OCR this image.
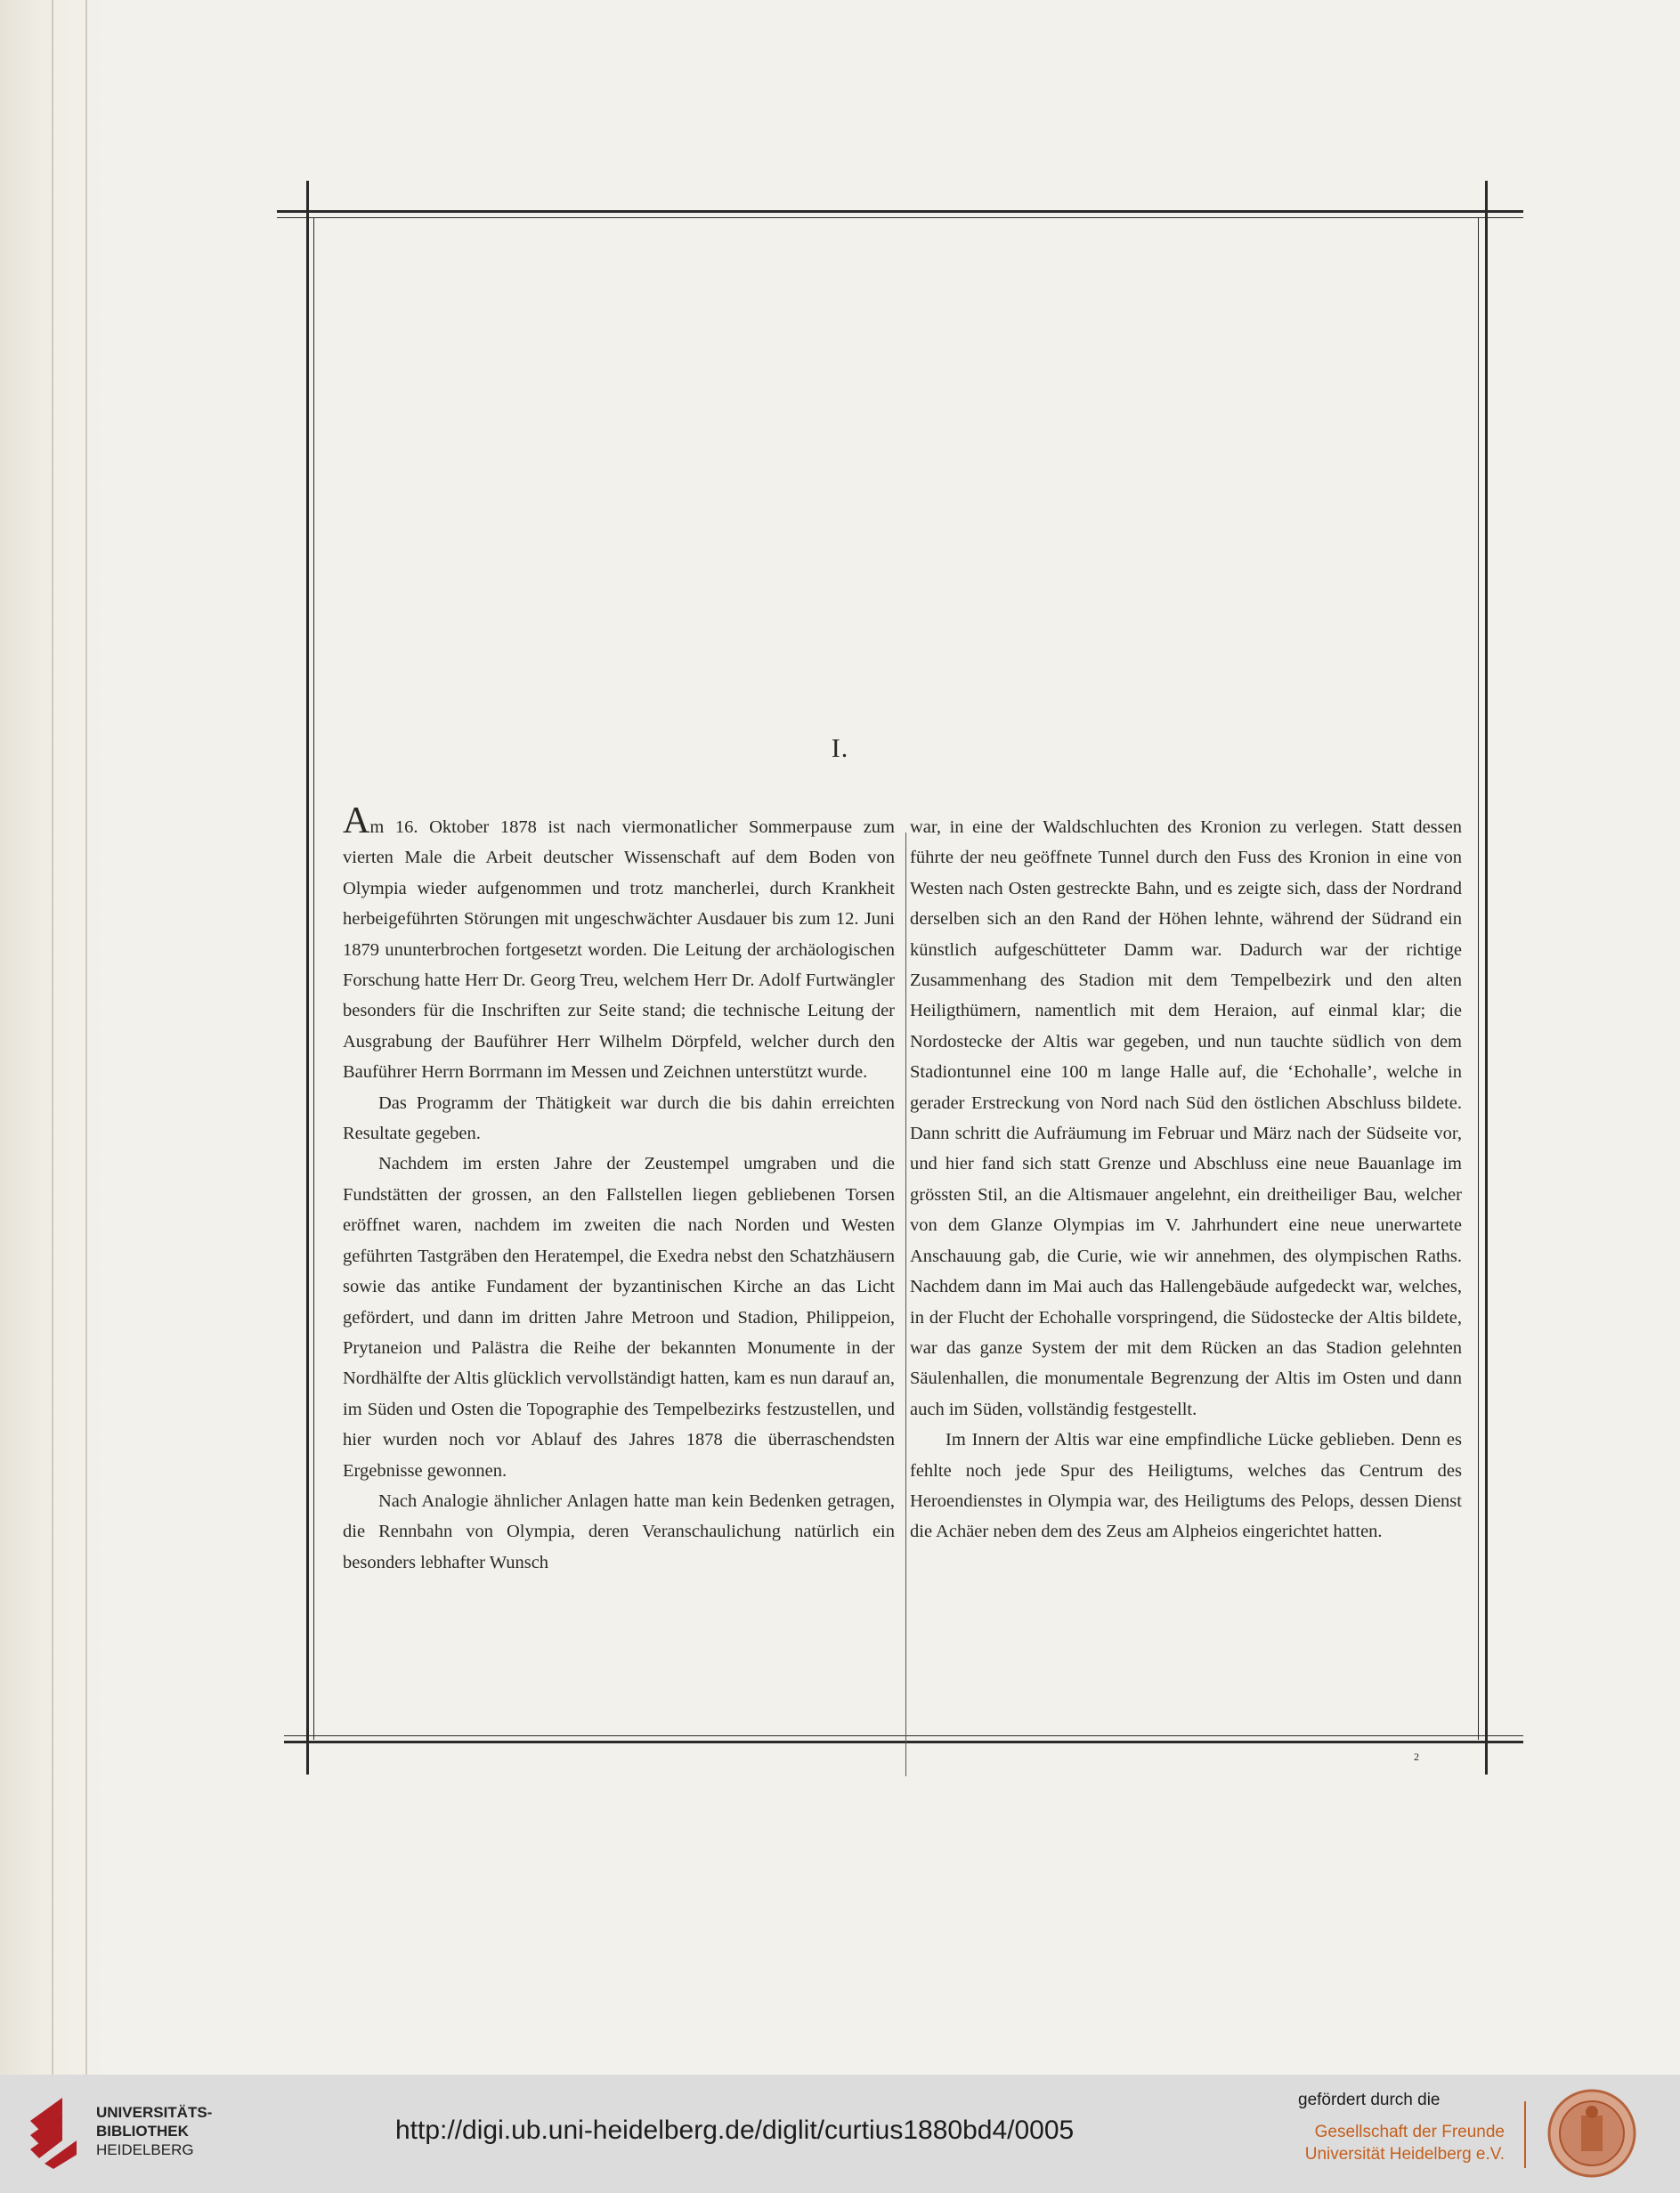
I.

Am 16. Oktober 1878 ist nach viermonatlicher Sommerpause zum vierten Male die Arbeit deutscher Wissenschaft auf dem Boden von Olympia wieder aufgenommen und trotz mancherlei, durch Krankheit herbeigeführten Störungen mit ungeschwächter Ausdauer bis zum 12. Juni 1879 ununterbrochen fortgesetzt worden. Die Leitung der archäologischen Forschung hatte Herr Dr. Georg Treu, welchem Herr Dr. Adolf Furtwängler besonders für die Inschriften zur Seite stand; die technische Leitung der Ausgrabung der Bauführer Herr Wilhelm Dörpfeld, welcher durch den Bauführer Herrn Borrmann im Messen und Zeichnen unterstützt wurde.

Das Programm der Thätigkeit war durch die bis dahin erreichten Resultate gegeben.

Nachdem im ersten Jahre der Zeustempel umgraben und die Fundstätten der grossen, an den Fallstellen liegen gebliebenen Torsen eröffnet waren, nachdem im zweiten die nach Norden und Westen geführten Tastgräben den Heratempel, die Exedra nebst den Schatzhäusern sowie das antike Fundament der byzantinischen Kirche an das Licht gefördert, und dann im dritten Jahre Metroon und Stadion, Philippeion, Prytaneion und Palästra die Reihe der bekannten Monumente in der Nordhälfte der Altis glücklich vervollständigt hatten, kam es nun darauf an, im Süden und Osten die Topographie des Tempelbezirks festzustellen, und hier wurden noch vor Ablauf des Jahres 1878 die überraschendsten Ergebnisse gewonnen.

Nach Analogie ähnlicher Anlagen hatte man kein Bedenken getragen, die Rennbahn von Olympia, deren Veranschaulichung natürlich ein besonders lebhafter Wunsch

war, in eine der Waldschluchten des Kronion zu verlegen. Statt dessen führte der neu geöffnete Tunnel durch den Fuss des Kronion in eine von Westen nach Osten gestreckte Bahn, und es zeigte sich, dass der Nordrand derselben sich an den Rand der Höhen lehnte, während der Südrand ein künstlich aufgeschütteter Damm war. Dadurch war der richtige Zusammenhang des Stadion mit dem Tempelbezirk und den alten Heiligthümern, namentlich mit dem Heraion, auf einmal klar; die Nordostecke der Altis war gegeben, und nun tauchte südlich von dem Stadiontunnel eine 100 m lange Halle auf, die ‘Echohalle’, welche in gerader Erstreckung von Nord nach Süd den östlichen Abschluss bildete. Dann schritt die Aufräumung im Februar und März nach der Südseite vor, und hier fand sich statt Grenze und Abschluss eine neue Bauanlage im grössten Stil, an die Altismauer angelehnt, ein dreitheiliger Bau, welcher von dem Glanze Olympias im V. Jahrhundert eine neue unerwartete Anschauung gab, die Curie, wie wir annehmen, des olympischen Raths. Nachdem dann im Mai auch das Hallengebäude aufgedeckt war, welches, in der Flucht der Echohalle vorspringend, die Südostecke der Altis bildete, war das ganze System der mit dem Rücken an das Stadion gelehnten Säulenhallen, die monumentale Begrenzung der Altis im Osten und dann auch im Süden, vollständig festgestellt.

Im Innern der Altis war eine empfindliche Lücke geblieben. Denn es fehlte noch jede Spur des Heiligtums, welches das Centrum des Heroendienstes in Olympia war, des Heiligtums des Pelops, dessen Dienst die Achäer neben dem des Zeus am Alpheios eingerichtet hatten.

2
UNIVERSITÄTS-
BIBLIOTHEK
HEIDELBERG
http://digi.ub.uni-heidelberg.de/diglit/curtius1880bd4/0005
gefördert durch die
Gesellschaft der Freunde
Universität Heidelberg e.V.
